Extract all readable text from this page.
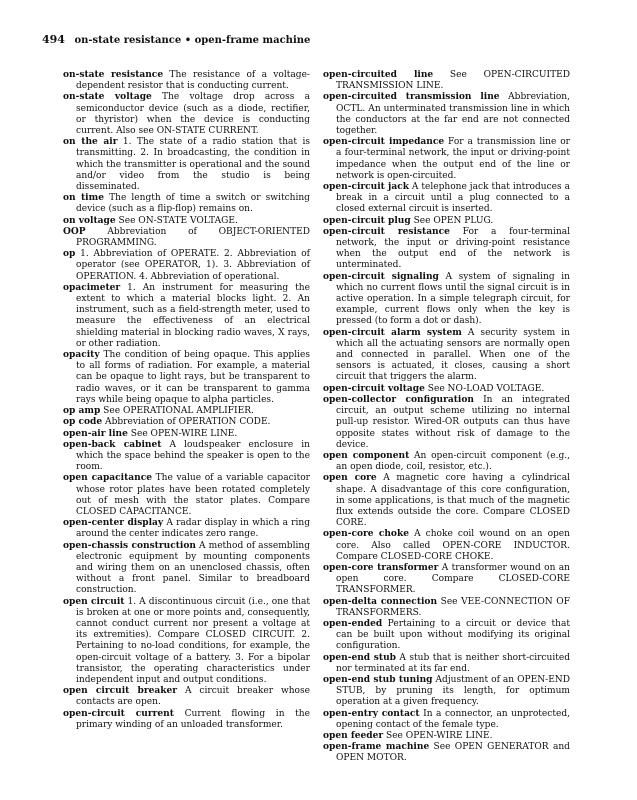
494 on-state resistance • open-frame machine

on-state resistance The resistance of a voltage-dependent resistor that is conducting current.

on-state voltage The voltage drop across a semiconductor device (such as a diode, rectifier, or thyristor) when the device is conducting current. Also see ON-STATE CURRENT.

on the air 1. The state of a radio station that is transmitting. 2. In broadcasting, the condition in which the transmitter is operational and the sound and/or video from the studio is being disseminated.

on time The length of time a switch or switching device (such as a flip-flop) remains on.

on voltage See ON-STATE VOLTAGE.

OOP Abbreviation of OBJECT-ORIENTED PROGRAMMING.

op 1. Abbreviation of OPERATE. 2. Abbreviation of operator (see OPERATOR, 1). 3. Abbreviation of OPERATION. 4. Abbreviation of operational.

opacimeter 1. An instrument for measuring the extent to which a material blocks light. 2. An instrument, such as a field-strength meter, used to measure the effectiveness of an electrical shielding material in blocking radio waves, X rays, or other radiation.

opacity The condition of being opaque. This applies to all forms of radiation. For example, a material can be opaque to light rays, but be transparent to radio waves, or it can be transparent to gamma rays while being opaque to alpha particles.

op amp See OPERATIONAL AMPLIFIER.

op code Abbreviation of OPERATION CODE.

open-air line See OPEN-WIRE LINE.

open-back cabinet A loudspeaker enclosure in which the space behind the speaker is open to the room.

open capacitance The value of a variable capacitor whose rotor plates have been rotated completely out of mesh with the stator plates. Compare CLOSED CAPACITANCE.

open-center display A radar display in which a ring around the center indicates zero range.

open-chassis construction A method of assembling electronic equipment by mounting components and wiring them on an unenclosed chassis, often without a front panel. Similar to breadboard construction.

open circuit 1. A discontinuous circuit (i.e., one that is broken at one or more points and, consequently, cannot conduct current nor present a voltage at its extremities). Compare CLOSED CIRCUIT. 2. Pertaining to no-load conditions, for example, the open-circuit voltage of a battery. 3. For a bipolar transistor, the operating characteristics under independent input and output conditions.

open circuit breaker A circuit breaker whose contacts are open.

open-circuit current Current flowing in the primary winding of an unloaded transformer.

open-circuited line See OPEN-CIRCUITED TRANSMISSION LINE.

open-circuited transmission line Abbreviation, OCTL. An unterminated transmission line in which the conductors at the far end are not connected together.

open-circuit impedance For a transmission line or a four-terminal network, the input or driving-point impedance when the output end of the line or network is open-circuited.

open-circuit jack A telephone jack that introduces a break in a circuit until a plug connected to a closed external circuit is inserted.

open-circuit plug See OPEN PLUG.

open-circuit resistance For a four-terminal network, the input or driving-point resistance when the output end of the network is unterminated.

open-circuit signaling A system of signaling in which no current flows until the signal circuit is in active operation. In a simple telegraph circuit, for example, current flows only when the key is pressed (to form a dot or dash).

open-circuit alarm system A security system in which all the actuating sensors are normally open and connected in parallel. When one of the sensors is actuated, it closes, causing a short circuit that triggers the alarm.

open-circuit voltage See NO-LOAD VOLTAGE.

open-collector configuration In an integrated circuit, an output scheme utilizing no internal pull-up resistor. Wired-OR outputs can thus have opposite states without risk of damage to the device.

open component An open-circuit component (e.g., an open diode, coil, resistor, etc.).

open core A magnetic core having a cylindrical shape. A disadvantage of this core configuration, in some applications, is that much of the magnetic flux extends outside the core. Compare CLOSED CORE.

open-core choke A choke coil wound on an open core. Also called OPEN-CORE INDUCTOR. Compare CLOSED-CORE CHOKE.

open-core transformer A transformer wound on an open core. Compare CLOSED-CORE TRANSFORMER.

open-delta connection See VEE-CONNECTION OF TRANSFORMERS.

open-ended Pertaining to a circuit or device that can be built upon without modifying its original configuration.

open-end stub A stub that is neither short-circuited nor terminated at its far end.

open-end stub tuning Adjustment of an OPEN-END STUB, by pruning its length, for optimum operation at a given frequency.

open-entry contact In a connector, an unprotected, opening contact of the female type.

open feeder See OPEN-WIRE LINE.

open-frame machine See OPEN GENERATOR and OPEN MOTOR.
